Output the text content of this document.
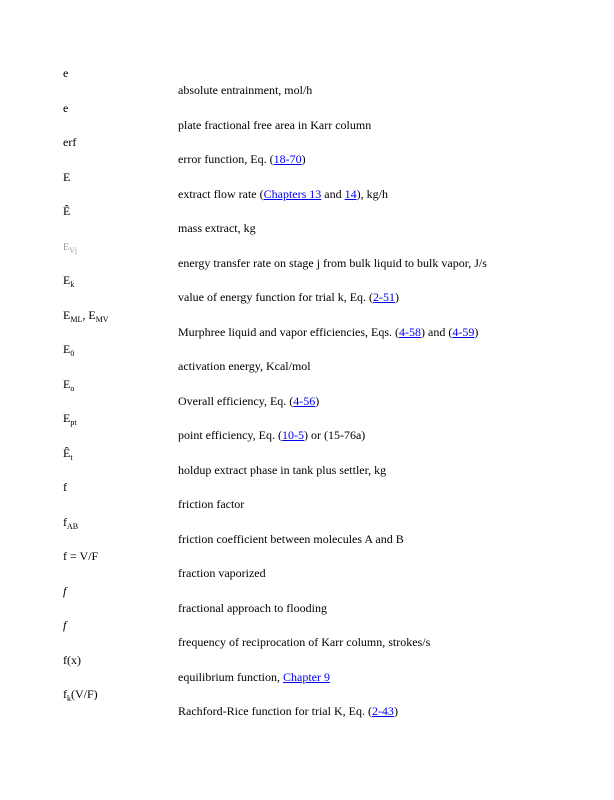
e
absolute entrainment, mol/h
e
plate fractional free area in Karr column
erf
error function, Eq. (18-70)
E
extract flow rate (Chapters 13 and 14), kg/h
Ê
mass extract, kg
$E_{Vj}$
energy transfer rate on stage j from bulk liquid to bulk vapor, J/s
$E_k$
value of energy function for trial k, Eq. (2-51)
$E_{ML}$, $E_{MV}$
Murphree liquid and vapor efficiencies, Eqs. (4-58) and (4-59)
$E_0$
activation energy, Kcal/mol
$E_o$
Overall efficiency, Eq. (4-56)
$E_{pt}$
point efficiency, Eq. (10-5) or (15-76a)
$Ê_t$
holdup extract phase in tank plus settler, kg
f
friction factor
$f_{AB}$
friction coefficient between molecules A and B
f = V/F
fraction vaporized
f
fractional approach to flooding
f
frequency of reciprocation of Karr column, strokes/s
f(x)
equilibrium function, Chapter 9
$f_k(V/F)$
Rachford-Rice function for trial K, Eq. (2-43)
